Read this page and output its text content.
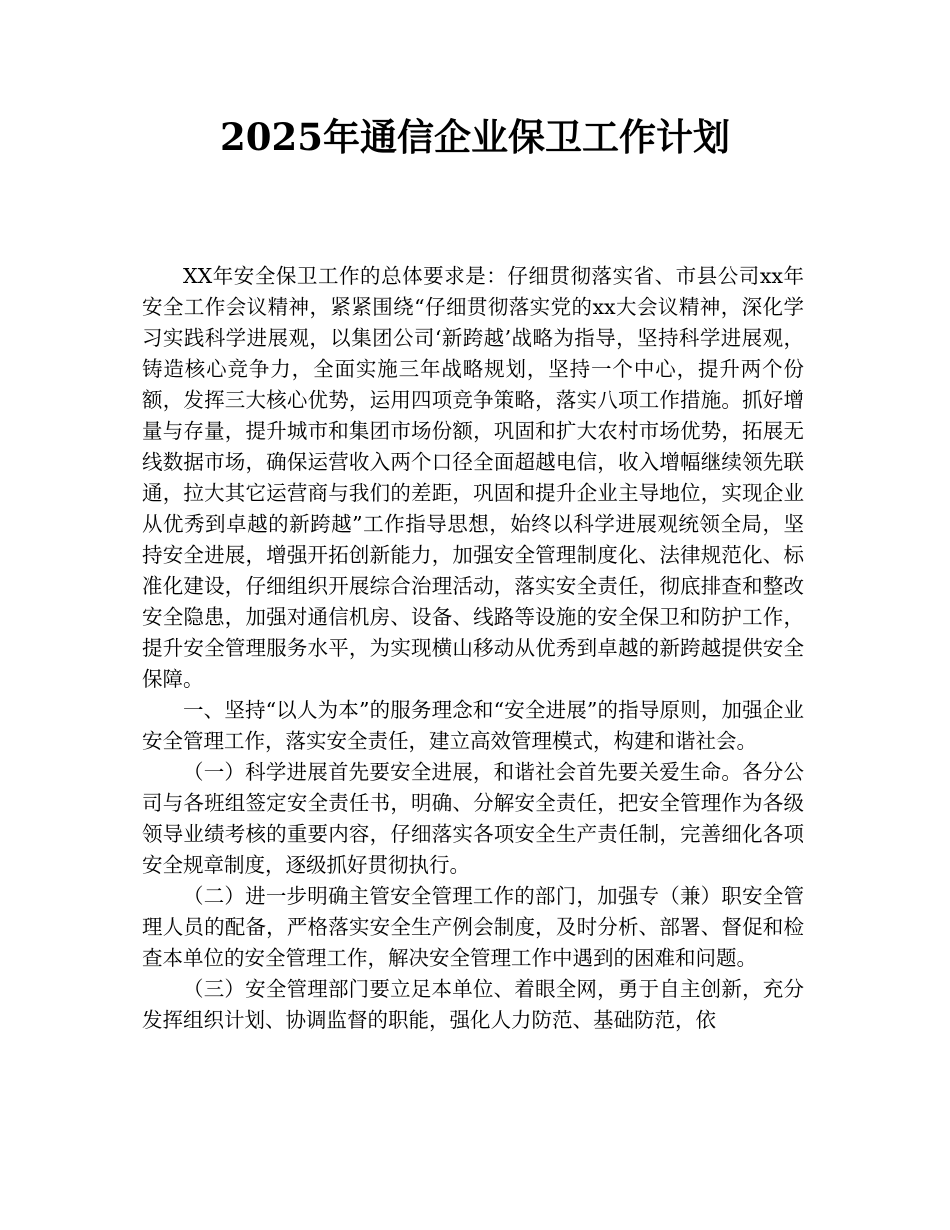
2025年通信企业保卫工作计划

XX年安全保卫工作的总体要求是：仔细贯彻落实省、市县公司xx年安全工作会议精神，紧紧围绕“仔细贯彻落实党的xx大会议精神，深化学习实践科学进展观，以集团公司‘新跨越’战略为指导，坚持科学进展观，铸造核心竞争力，全面实施三年战略规划，坚持一个中心，提升两个份额，发挥三大核心优势，运用四项竞争策略，落实八项工作措施。抓好增量与存量，提升城市和集团市场份额，巩固和扩大农村市场优势，拓展无线数据市场，确保运营收入两个口径全面超越电信，收入增幅继续领先联通，拉大其它运营商与我们的差距，巩固和提升企业主导地位，实现企业从优秀到卓越的新跨越”工作指导思想，始终以科学进展观统领全局，坚持安全进展，增强开拓创新能力，加强安全管理制度化、法律规范化、标准化建设，仔细组织开展综合治理活动，落实安全责任，彻底排查和整改安全隐患，加强对通信机房、设备、线路等设施的安全保卫和防护工作，提升安全管理服务水平，为实现横山移动从优秀到卓越的新跨越提供安全保障。

一、坚持“以人为本”的服务理念和“安全进展”的指导原则，加强企业安全管理工作，落实安全责任，建立高效管理模式，构建和谐社会。

（一）科学进展首先要安全进展，和谐社会首先要关爱生命。各分公司与各班组签定安全责任书，明确、分解安全责任，把安全管理作为各级领导业绩考核的重要内容，仔细落实各项安全生产责任制，完善细化各项安全规章制度，逐级抓好贯彻执行。

（二）进一步明确主管安全管理工作的部门，加强专（兼）职安全管理人员的配备，严格落实安全生产例会制度，及时分析、部署、督促和检查本单位的安全管理工作，解决安全管理工作中遇到的困难和问题。

（三）安全管理部门要立足本单位、着眼全网，勇于自主创新，充分发挥组织计划、协调监督的职能，强化人力防范、基础防范，依
